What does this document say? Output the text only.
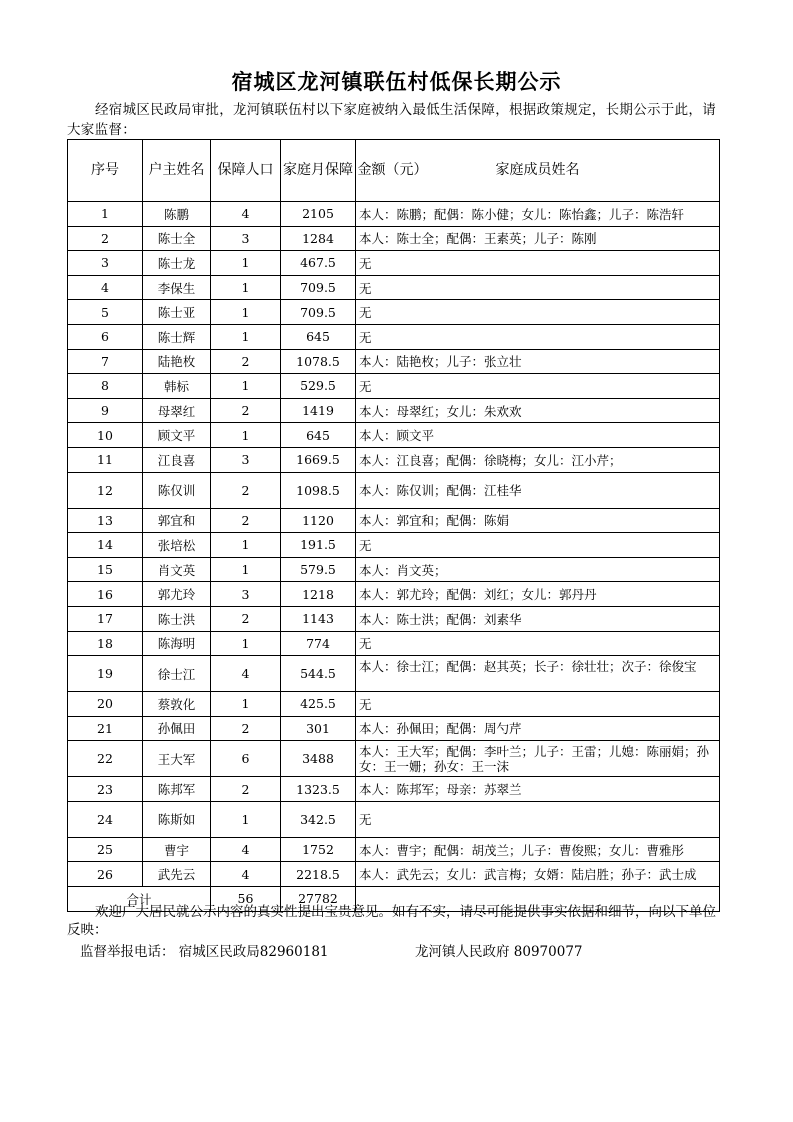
宿城区龙河镇联伍村低保长期公示
经宿城区民政局审批，龙河镇联伍村以下家庭被纳入最低生活保障，根据政策规定，长期公示于此，请大家监督：
序号	户主姓名	保障人口	家庭月保障 金额（元）	家庭成员姓名
1	陈鹏	4	2105	本人：陈鹏；配偶：陈小健；女儿：陈怡鑫；儿子：陈浩轩
2	陈士全	3	1284	本人：陈士全；配偶：王素英；儿子：陈刚
3	陈士龙	1	467.5	无
4	李保生	1	709.5	无
5	陈士亚	1	709.5	无
6	陈士辉	1	645	无
7	陆艳枚	2	1078.5	本人：陆艳枚；儿子：张立壮
8	韩标	1	529.5	无
9	母翠红	2	1419	本人：母翠红；女儿：朱欢欢
10	顾文平	1	645	本人：顾文平
11	江良喜	3	1669.5	本人：江良喜；配偶：徐晓梅；女儿：江小芹；
12	陈仅训	2	1098.5	本人：陈仅训；配偶：江桂华
13	郭宜和	2	1120	本人：郭宜和；配偶：陈娟
14	张培松	1	191.5	无
15	肖文英	1	579.5	本人：肖文英；
16	郭尤玲	3	1218	本人：郭尤玲；配偶：刘红；女儿：郭丹丹
17	陈士洪	2	1143	本人：陈士洪；配偶：刘素华
18	陈海明	1	774	无
19	徐士江	4	544.5	本人：徐士江；配偶：赵其英；长子：徐壮壮；次子：徐俊宝
20	蔡敦化	1	425.5	无
21	孙佩田	2	301	本人：孙佩田；配偶：周勺芹
22	王大军	6	3488	本人：王大军；配偶：李叶兰；儿子：王雷；儿媳：陈丽娟；孙女：王一姗；孙女：王一沫
23	陈邦军	2	1323.5	本人：陈邦军；母亲：苏翠兰
24	陈斯如	1	342.5	无
25	曹宇	4	1752	本人：曹宇；配偶：胡茂兰；儿子：曹俊熙；女儿：曹雅彤
26	武先云	4	2218.5	本人：武先云；女儿：武言梅；女婿：陆启胜；孙子：武士成
合计		56	27782	
欢迎广大居民就公示内容的真实性提出宝贵意见。如有不实，请尽可能提供事实依据和细节，向以下单位反映：
监督举报电话： 宿城区民政局82960181	龙河镇人民政府 80970077
